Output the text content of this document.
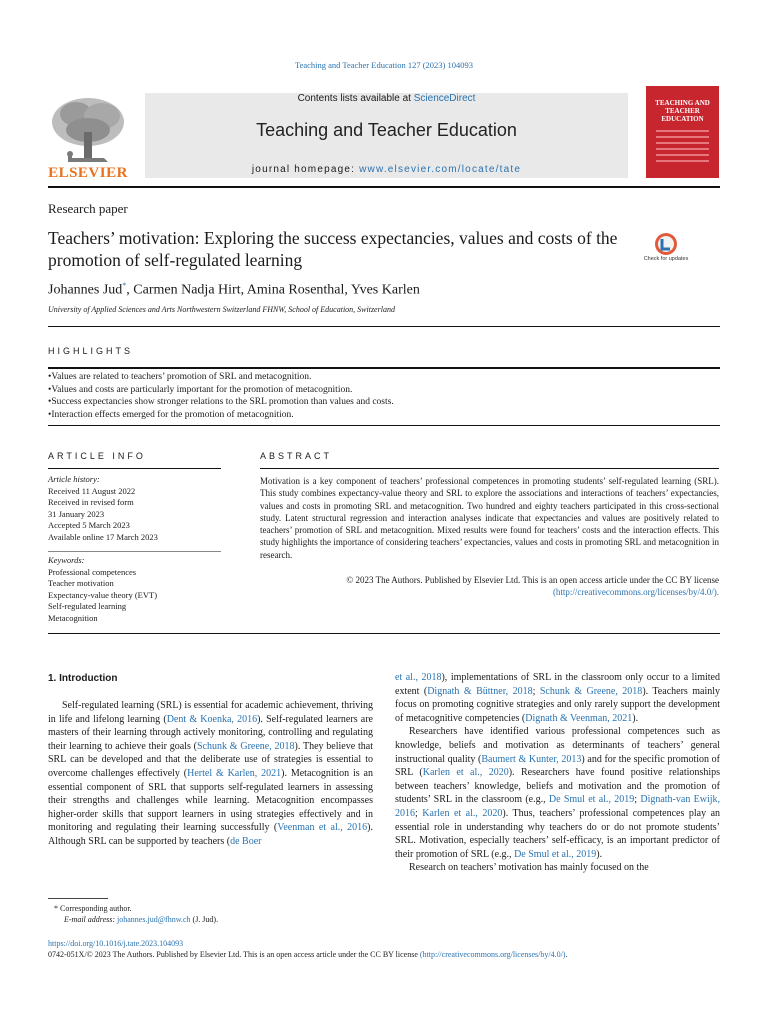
Teaching and Teacher Education 127 (2023) 104093
ELSEVIER
Contents lists available at ScienceDirect
Teaching and Teacher Education
journal homepage: www.elsevier.com/locate/tate
TEACHING AND TEACHER EDUCATION
Research paper
Teachers’ motivation: Exploring the success expectancies, values and costs of the promotion of self-regulated learning	Check for updates
Johannes Jud*, Carmen Nadja Hirt, Amina Rosenthal, Yves Karlen
University of Applied Sciences and Arts Northwestern Switzerland FHNW, School of Education, Switzerland
HIGHLIGHTS
• Values are related to teachers’ promotion of SRL and metacognition.
• Values and costs are particularly important for the promotion of metacognition.
• Success expectancies show stronger relations to the SRL promotion than values and costs.
• Interaction effects emerged for the promotion of metacognition.
ARTICLE INFO
Article history:
Received 11 August 2022
Received in revised form
31 January 2023
Accepted 5 March 2023
Available online 17 March 2023
Keywords:
Professional competences
Teacher motivation
Expectancy-value theory (EVT)
Self-regulated learning
Metacognition
ABSTRACT
Motivation is a key component of teachers’ professional competences in promoting students’ self-regulated learning (SRL). This study combines expectancy-value theory and SRL to explore the associations and interactions of teachers’ expectancies, values and costs in promoting SRL and metacognition. Two hundred and eighty teachers participated in this cross-sectional study. Latent structural regression and interaction analyses indicate that expectancies and values are positively related to teachers’ promotion of SRL and metacognition. Mixed results were found for teachers’ costs and the interaction effects. This study highlights the importance of considering teachers’ expectancies, values and costs in promoting SRL and metacognition in research.
© 2023 The Authors. Published by Elsevier Ltd. This is an open access article under the CC BY license (http://creativecommons.org/licenses/by/4.0/).
1. Introduction
Self-regulated learning (SRL) is essential for academic achievement, thriving in life and lifelong learning (Dent & Koenka, 2016). Self-regulated learners are masters of their learning through actively monitoring, controlling and regulating their learning to achieve their goals (Schunk & Greene, 2018). They believe that SRL can be developed and that the deliberate use of strategies is essential to overcome challenges effectively (Hertel & Karlen, 2021). Metacognition is an essential component of SRL that supports self-regulated learners in assessing their strengths and challenges while learning. Metacognition encompasses higher-order skills that support learners in using strategies effectively and in monitoring and regulating their learning successfully (Veenman et al., 2016). Although SRL can be supported by teachers (de Boer
et al., 2018), implementations of SRL in the classroom only occur to a limited extent (Dignath & Büttner, 2018; Schunk & Greene, 2018). Teachers mainly focus on promoting cognitive strategies and only rarely support the development of metacognitive competencies (Dignath & Veenman, 2021).
Researchers have identified various professional competences such as knowledge, beliefs and motivation as determinants of teachers’ general instructional quality (Baumert & Kunter, 2013) and for the specific promotion of SRL (Karlen et al., 2020). Researchers have found positive relationships between teachers’ knowledge, beliefs and motivation and the promotion of students’ SRL in the classroom (e.g., De Smul et al., 2019; Dignath-van Ewijk, 2016; Karlen et al., 2020). Thus, teachers’ professional competences play an essential role in understanding why teachers do or do not promote students’ SRL. Motivation, especially teachers’ self-efficacy, is an important predictor of their promotion of SRL (e.g., De Smul et al., 2019).
Research on teachers’ motivation has mainly focused on the
* Corresponding author.
E-mail address: johannes.jud@fhnw.ch (J. Jud).
https://doi.org/10.1016/j.tate.2023.104093
0742-051X/© 2023 The Authors. Published by Elsevier Ltd. This is an open access article under the CC BY license (http://creativecommons.org/licenses/by/4.0/).
